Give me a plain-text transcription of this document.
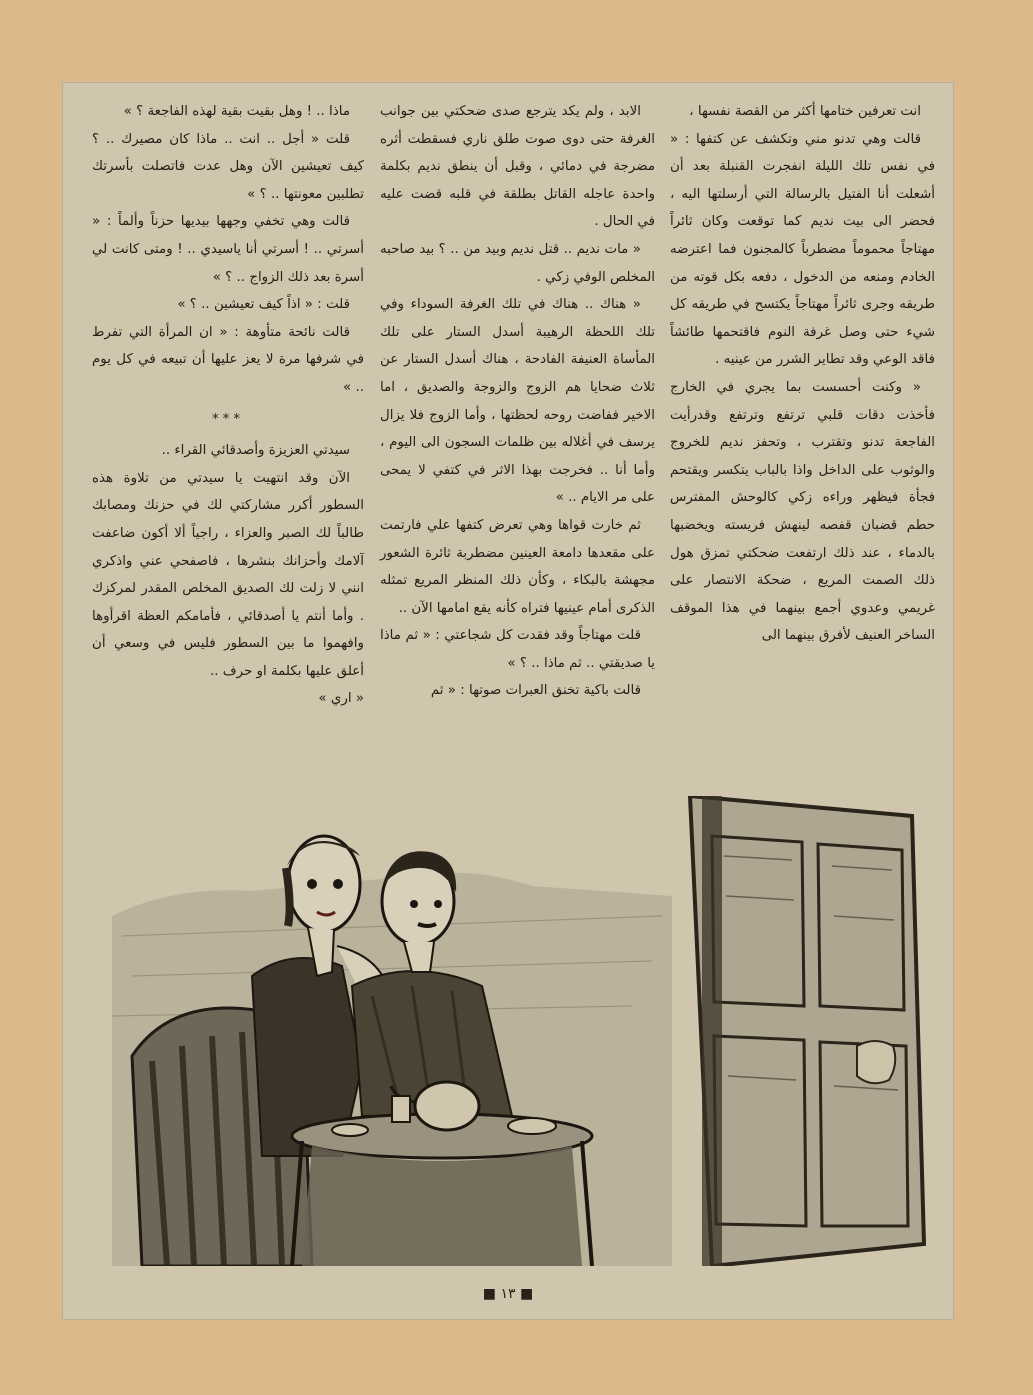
انت تعرفين ختامها أكثر من القصة نفسها ،

قالت وهي تدنو مني وتكشف عن كتفها : « في نفس تلك الليلة انفجرت القنبلة بعد أن أشعلت أنا الفتيل بالرسالة التي أرسلتها اليه ، فحضر الى بيت نديم كما توقعت وكان ثائراً مهتاجاً محموماً مضطرباً كالمجنون فما اعترضه الخادم ومنعه من الدخول ، دفعه بكل قوته من طريقه وجرى ثائراً مهتاجاً يكتسح في طريقه كل شيء حتى وصل غرفة النوم فاقتحمها طائشاً فاقد الوعي وقد تطاير الشرر من عينيه .

« وكنت أحسست بما يجري في الخارج فأخذت دقات قلبي ترتفع وترتفع وقدرأيت الفاجعة تدنو وتقترب ، وتحفز نديم للخروج والوثوب على الداخل واذا بالباب يتكسر ويقتحم فجأة فيظهر وراءه زكي كالوحش المفترس حطم قضبان قفصه لينهش فريسته ويخضبها بالدماء ، عند ذلك ارتفعت ضحكتي تمزق هول ذلك الصمت المريع ، ضحكة الانتصار على غريمي وعدوي أجمع بينهما في هذا الموقف الساخر العنيف لأفرق بينهما الى

الابد ، ولم يكد يترجع صدى ضحكتي بين جوانب الغرفة حتى دوى صوت طلق ناري فسقطت أثره مضرجة في دمائي ، وقبل أن ينطق نديم بكلمة واحدة عاجله القاتل بطلقة في قلبه قضت عليه في الحال .

« مات نديم .. قتل نديم وبيد من .. ؟ بيد صاحبه المخلص الوفي زكي .

« هناك .. هناك في تلك الغرفة السوداء وفي تلك اللحظة الرهيبة أسدل الستار على تلك المأساة العنيفة الفادحة ، هناك أسدل الستار عن ثلاث ضحايا هم الزوج والزوجة والصديق ، اما الاخير ففاضت روحه لحظتها ، وأما الزوج فلا يزال يرسف في أغلاله بين ظلمات السجون الى اليوم ، وأما أنا .. فخرجت بهذا الاثر في كتفي لا يمحى على مر الايام .. »

ثم خارت قواها وهي تعرض كتفها علي فارتمت على مقعدها دامعة العينين مضطربة ثائرة الشعور مجهشة بالبكاء ، وكأن ذلك المنظر المريع تمثله الذكرى أمام عينيها فتراه كأنه يقع امامها الآن ..

قلت مهتاجاً وقد فقدت كل شجاعتي : « ثم ماذا يا صديقتي .. ثم ماذا .. ؟ »

قالت باكية تخنق العبرات صوتها : « ثم

ماذا .. ! وهل بقيت بقية لهذه الفاجعة ؟ »

قلت « أجل .. انت .. ماذا كان مصيرك .. ؟ كيف تعيشين الآن وهل عدت فاتصلت بأسرتك تطلبين معونتها .. ؟ »

قالت وهي تخفي وجهها بيديها حزناً وألماً : « أسرتي .. ! أسرتي أنا ياسيدي .. ! ومتى كانت لي أسرة بعد ذلك الزواج .. ؟ »

قلت : « اذاً كيف تعيشين .. ؟ »

قالت نائحة متأوهة : « ان المرأة التي تفرط في شرفها مرة لا يعز عليها أن تبيعه في كل يوم .. »

***

سيدتي العزيزة وأصدقائي القراء ..

الآن وقد انتهيت يا سيدتي من تلاوة هذه السطور أكرر مشاركتي لك في حزنك ومصابك طالباً لك الصبر والعزاء ، راجياً ألا أكون ضاعفت آلامك وأحزانك بنشرها ، فاصفحي عني واذكري انني لا زلت لك الصديق المخلص المقدر لمركزك . وأما أنتم يا أصدقائي ، فأمامكم العظة اقرأوها وافهموا ما بين السطور فليس في وسعي أن أعلق عليها بكلمة او حرف ..

« اري »

■ ١٣ ■
